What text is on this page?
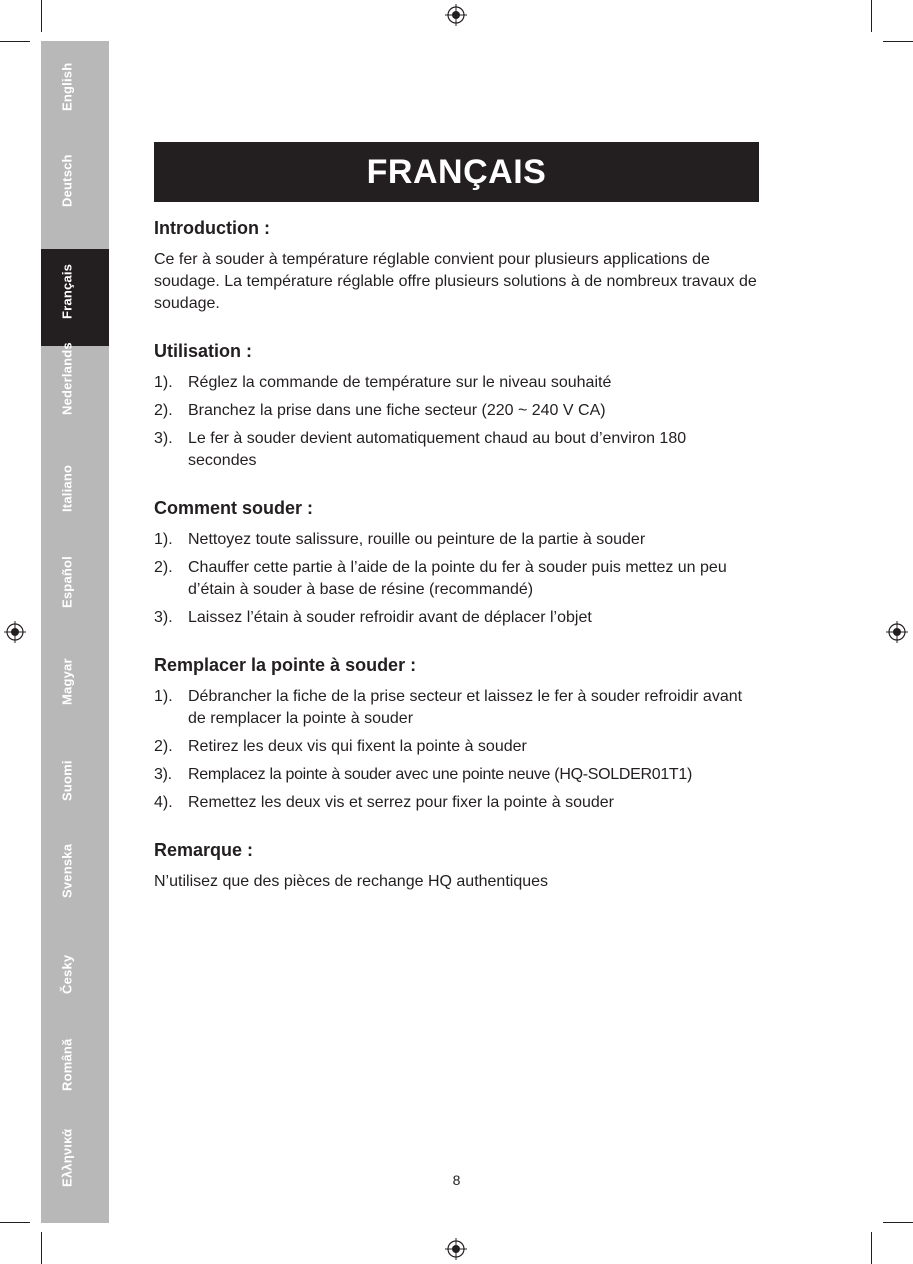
English
Deutsch
Français
Nederlands
Italiano
Español
Magyar
Suomi
Svenska
Česky
Română
Ελληνικά
FRANÇAIS

Introduction :

Ce fer à souder à température réglable convient pour plusieurs applications de soudage. La température réglable offre plusieurs solutions à de nombreux travaux de soudage.

Utilisation :

1). Réglez la commande de température sur le niveau souhaité
2). Branchez la prise dans une fiche secteur (220 ~ 240 V CA)
3). Le fer à souder devient automatiquement chaud au bout d’environ 180 secondes

Comment souder :

1). Nettoyez toute salissure, rouille ou peinture de la partie à souder
2). Chauffer cette partie à l’aide de la pointe du fer à souder puis mettez un peu d’étain à souder à base de résine (recommandé)
3). Laissez l’étain à souder refroidir avant de déplacer l’objet

Remplacer la pointe à souder :

1). Débrancher la fiche de la prise secteur et laissez le fer à souder refroidir avant de remplacer la pointe à souder
2). Retirez les deux vis qui fixent la pointe à souder
3). Remplacez la pointe à souder avec une pointe neuve (HQ-SOLDER01T1)
4). Remettez les deux vis et serrez pour fixer la pointe à souder

Remarque :

N’utilisez que des pièces de rechange HQ authentiques

8
